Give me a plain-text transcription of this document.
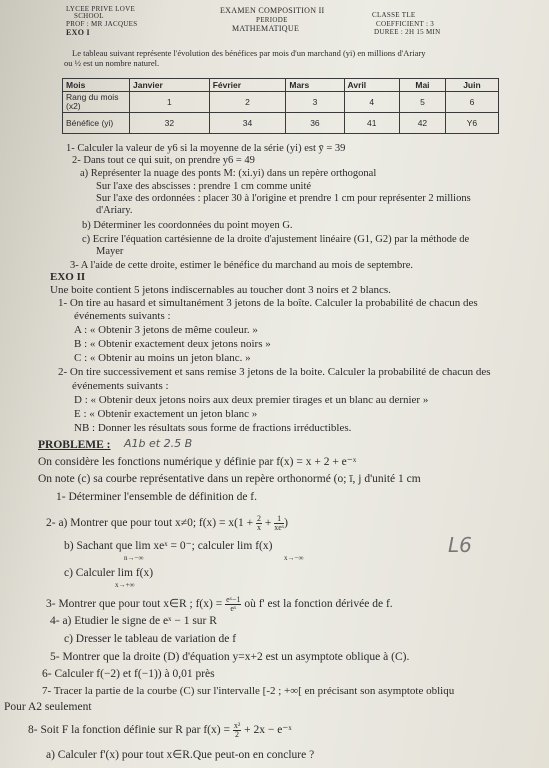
LYCEE PRIVE LOVE
SCHOOL
PROF : MR JACQUES
EXO I
EXAMEN COMPOSITION II
PERIODE
MATHEMATIQUE
CLASSE TLE
COEFFICIENT : 3
DUREE : 2H 15 MIN
Le tableau suivant représente l'évolution des bénéfices par mois d'un marchand (yi) en millions d'Ariary
ou ½ est un nombre naturel.
Mois	Janvier	Février	Mars	Avril	Mai	Juin
Rang du mois (x2)	1	2	3	4	5	6
Bénéfice (yi)	32	34	36	41	42	Y6
1- Calculer la valeur de y6 si la moyenne de la série (yi) est ȳ = 39
2- Dans tout ce qui suit, on prendre y6 = 49
a) Représenter la nuage des ponts M: (xi.yi) dans un repère orthogonal
Sur l'axe des abscisses : prendre 1 cm comme unité
Sur l'axe des ordonnées : placer 30 à l'origine et prendre 1 cm pour représenter 2 millions
d'Ariary.
b) Déterminer les coordonnées du point moyen G.
c) Ecrire l'équation cartésienne de la droite d'ajustement linéaire (G1, G2) par la méthode de
Mayer
3- A l'aide de cette droite, estimer le bénéfice du marchand au mois de septembre.
EXO II
Une boite contient 5 jetons indiscernables au toucher dont 3 noirs et 2 blancs.
1- On tire au hasard et simultanément 3 jetons de la boîte. Calculer la probabilité de chacun des
événements suivants :
A : « Obtenir 3 jetons de même couleur. »
B : « Obtenir exactement deux jetons noirs »
C : « Obtenir au moins un jeton blanc. »
2- On tire successivement et sans remise 3 jetons de la boite. Calculer la probabilité de chacun des
événements suivants :
D : « Obtenir deux jetons noirs aux deux premier tirages et un blanc au dernier »
E : « Obtenir exactement un jeton blanc »
NB : Donner les résultats sous forme de fractions irréductibles.
PROBLEME : A1b et 2.5 B
On considère les fonctions numérique y définie par f(x) = x + 2 + e⁻ˣ
On note (c) sa courbe représentative dans un repère orthonormé (o; ī, j d'unité 1 cm
1- Déterminer l'ensemble de définition de f.
2- a) Montrer que pour tout x≠0; $f(x) = x(1 + \frac{2}{x} + \frac{1}{\text{xeˣ}}$ )
b) Sachant que lim xeˣ = 0⁻; calculer lim f(x)
n→−∞	x→−∞
c) Calculer lim f(x)
x→+∞
3- Montrer que pour tout x∈R ; $f(x) = \frac{\text{eˣ−1}}{\text{eˣ}}$ où f' est la fonction dérivée de f.
4- a) Etudier le signe de eˣ − 1 sur R
c) Dresser le tableau de variation de f
5- Montrer que la droite (D) d'équation y=x+2 est un asymptote oblique à (C).
6- Calculer f(−2) et f(−1)) à 0,01 près
7- Tracer la partie de la courbe (C) sur l'intervalle [-2 ; +∞[ en précisant son asymptote obliqu
Pour A2 seulement
8- Soit F la fonction définie sur R par $f(x) = \frac{\text{x²}}{2} + 2x$ − e⁻ˣ
a) Calculer f'(x) pour tout x∈R.Que peut-on en conclure ?
L6
